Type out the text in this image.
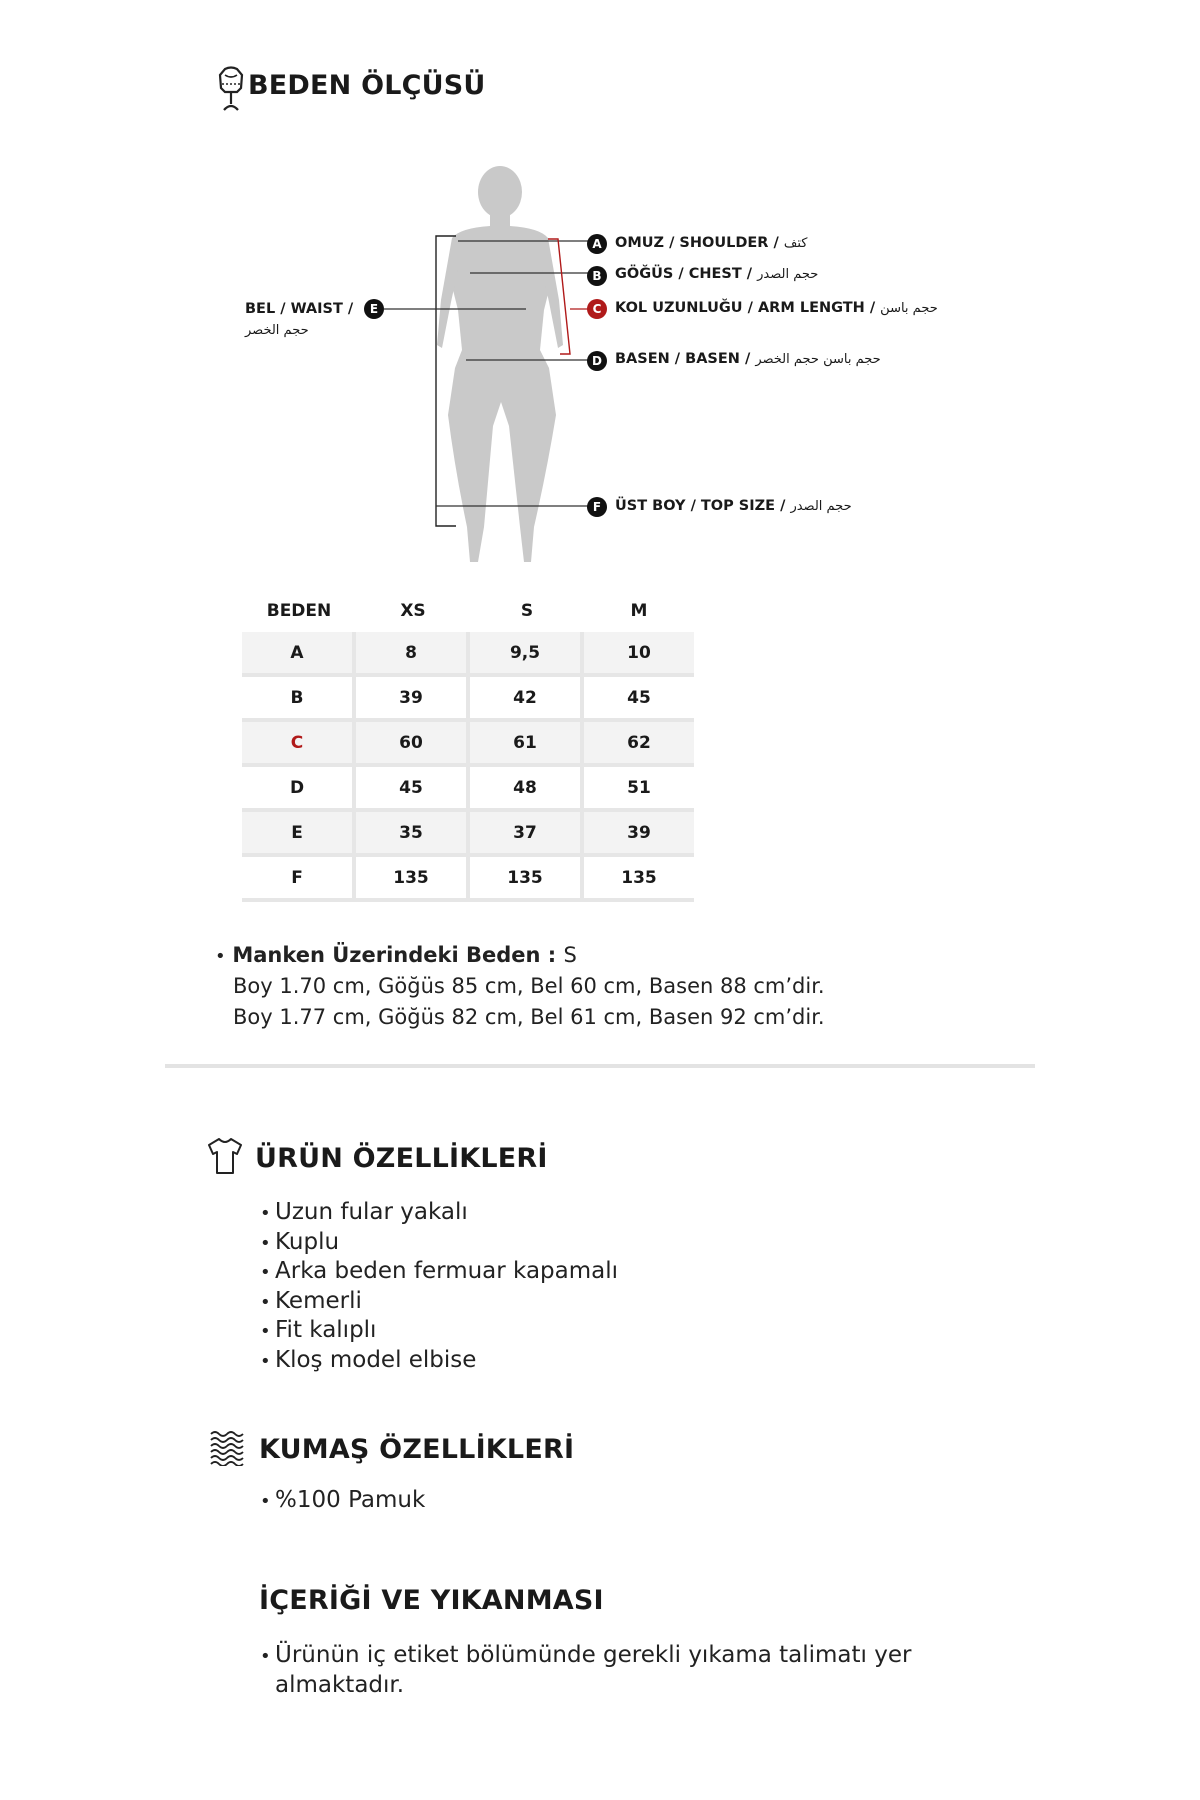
BEDEN ÖLÇÜSÜ
A OMUZ / SHOULDER / كتف
B GÖĞÜS / CHEST / حجم الصدر
C KOL UZUNLUĞU / ARM LENGTH / حجم باسن
D BASEN / BASEN / حجم باسن حجم الخصر
E
BEL / WAIST /
حجم الخصر
F ÜST BOY / TOP SIZE / حجم الصدر
BEDEN	XS	S	M
A	8	9,5	10
B	39	42	45
C	60	61	62
D	45	48	51
E	35	37	39
F	135	135	135
• Manken Üzerindeki Beden : S
Boy 1.70 cm, Göğüs 85 cm, Bel 60 cm, Basen 88 cm’dir.
Boy 1.77 cm, Göğüs 82 cm, Bel 61 cm, Basen 92 cm’dir.
ÜRÜN ÖZELLİKLERİ
• Uzun fular yakalı
• Kuplu
• Arka beden fermuar kapamalı
• Kemerli
• Fit kalıplı
• Kloş model elbise
KUMAŞ ÖZELLİKLERİ
• %100 Pamuk
İÇERİĞİ VE YIKANMASI
• Ürünün iç etiket bölümünde gerekli yıkama talimatı yer
almaktadır.
